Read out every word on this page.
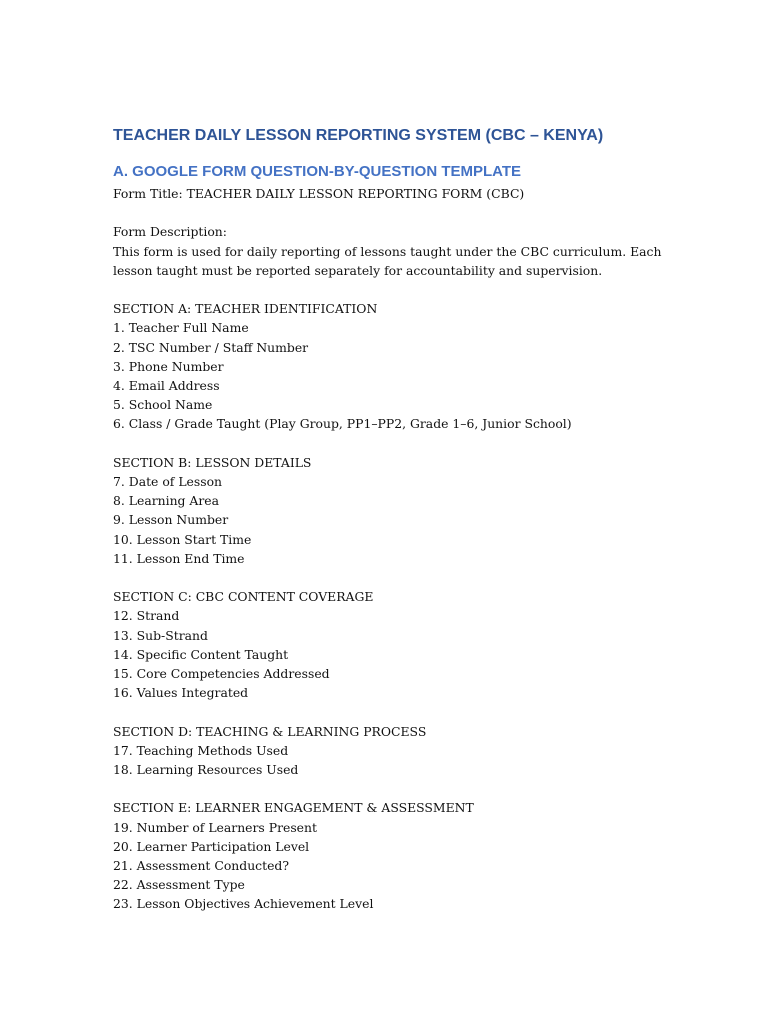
TEACHER DAILY LESSON REPORTING SYSTEM (CBC – KENYA)
A. GOOGLE FORM QUESTION-BY-QUESTION TEMPLATE

Form Title: TEACHER DAILY LESSON REPORTING FORM (CBC)

Form Description:

This form is used for daily reporting of lessons taught under the CBC curriculum. Each

lesson taught must be reported separately for accountability and supervision.

SECTION A: TEACHER IDENTIFICATION

1. Teacher Full Name

2. TSC Number / Staff Number

3. Phone Number

4. Email Address

5. School Name

6. Class / Grade Taught (Play Group, PP1–PP2, Grade 1–6, Junior School)

SECTION B: LESSON DETAILS

7. Date of Lesson

8. Learning Area

9. Lesson Number

10. Lesson Start Time

11. Lesson End Time

SECTION C: CBC CONTENT COVERAGE

12. Strand

13. Sub-Strand

14. Specific Content Taught

15. Core Competencies Addressed

16. Values Integrated

SECTION D: TEACHING & LEARNING PROCESS

17. Teaching Methods Used

18. Learning Resources Used

SECTION E: LEARNER ENGAGEMENT & ASSESSMENT

19. Number of Learners Present

20. Learner Participation Level

21. Assessment Conducted?

22. Assessment Type

23. Lesson Objectives Achievement Level
